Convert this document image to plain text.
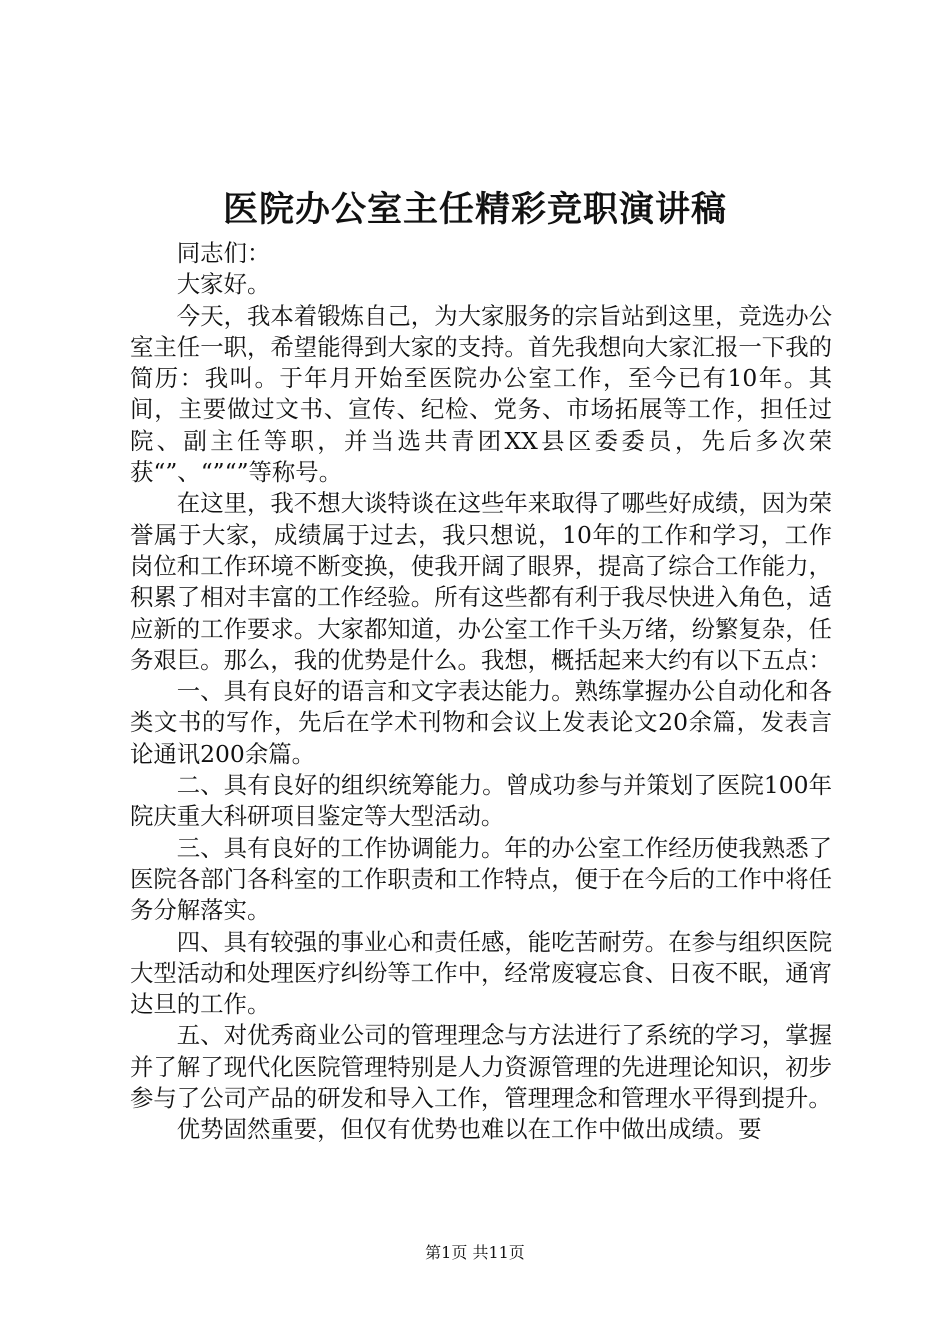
医院办公室主任精彩竞职演讲稿

同志们：

大家好。

今天，我本着锻炼自己，为大家服务的宗旨站到这里，竞选办公室主任一职，希望能得到大家的支持。首先我想向大家汇报一下我的简历：我叫。于年月开始至医院办公室工作，至今已有10年。其间，主要做过文书、宣传、纪检、党务、市场拓展等工作，担任过院、副主任等职，并当选共青团XX县区委委员，先后多次荣获“”、“”“”等称号。

在这里，我不想大谈特谈在这些年来取得了哪些好成绩，因为荣誉属于大家，成绩属于过去，我只想说，10年的工作和学习，工作岗位和工作环境不断变换，使我开阔了眼界，提高了综合工作能力，积累了相对丰富的工作经验。所有这些都有利于我尽快进入角色，适应新的工作要求。大家都知道，办公室工作千头万绪，纷繁复杂，任务艰巨。那么，我的优势是什么。我想，概括起来大约有以下五点：

一、具有良好的语言和文字表达能力。熟练掌握办公自动化和各类文书的写作，先后在学术刊物和会议上发表论文20余篇，发表言论通讯200余篇。

二、具有良好的组织统筹能力。曾成功参与并策划了医院100年院庆重大科研项目鉴定等大型活动。

三、具有良好的工作协调能力。年的办公室工作经历使我熟悉了医院各部门各科室的工作职责和工作特点，便于在今后的工作中将任务分解落实。

四、具有较强的事业心和责任感，能吃苦耐劳。在参与组织医院大型活动和处理医疗纠纷等工作中，经常废寝忘食、日夜不眠，通宵达旦的工作。

五、对优秀商业公司的管理理念与方法进行了系统的学习，掌握并了解了现代化医院管理特别是人力资源管理的先进理论知识，初步参与了公司产品的研发和导入工作，管理理念和管理水平得到提升。

优势固然重要，但仅有优势也难以在工作中做出成绩。要

第1页 共11页
